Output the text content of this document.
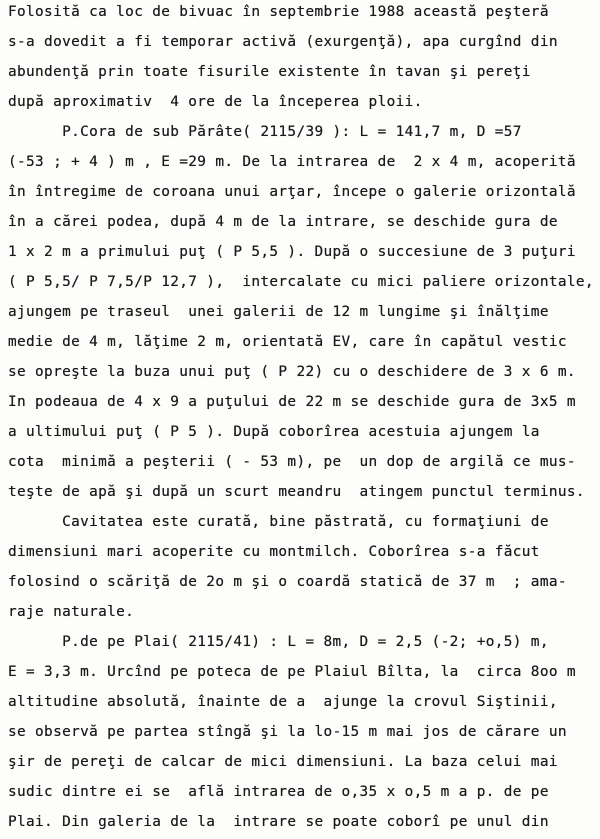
Folosită ca loc de bivuac în septembrie 1988 această peşteră
s-a dovedit a fi temporar activă (exurgenţă), apa curgînd din
abundenţă prin toate fisurile existente în tavan şi pereţi
după aproximativ  4 ore de la începerea ploii.
P.Cora de sub Părâte( 2115/39 ): L = 141,7 m, D =57
(-53 ; + 4 ) m , E =29 m. De la intrarea de  2 x 4 m, acoperită
în întregime de coroana unui arţar, începe o galerie orizontală
în a cărei podea, după 4 m de la intrare, se deschide gura de
1 x 2 m a primului puţ ( P 5,5 ). După o succesiune de 3 puţuri
( P 5,5/ P 7,5/P 12,7 ),  intercalate cu mici paliere orizontale,
ajungem pe traseul  unei galerii de 12 m lungime şi înălţime
medie de 4 m, lăţime 2 m, orientată EV, care în capătul vestic
se opreşte la buza unui puţ ( P 22) cu o deschidere de 3 x 6 m.
In podeaua de 4 x 9 a puţului de 22 m se deschide gura de 3x5 m
a ultimului puţ ( P 5 ). După coborîrea acestuia ajungem la
cota  minimă a peşterii ( - 53 m), pe  un dop de argilă ce mus-
teşte de apă şi după un scurt meandru  atingem punctul terminus.
Cavitatea este curată, bine păstrată, cu formaţiuni de
dimensiuni mari acoperite cu montmilch. Coborîrea s-a făcut
folosind o scăriţă de 2o m şi o coardă statică de 37 m  ; ama-
raje naturale.
P.de pe Plai( 2115/41) : L = 8m, D = 2,5 (-2; +o,5) m,
E = 3,3 m. Urcînd pe poteca de pe Plaiul Bîlta, la  circa 8oo m
altitudine absolută, înainte de a  ajunge la crovul Siştinii,
se observă pe partea stîngă şi la lo-15 m mai jos de cărare un
şir de pereţi de calcar de mici dimensiuni. La baza celui mai
sudic dintre ei se  află intrarea de o,35 x o,5 m a p. de pe
Plai. Din galeria de la  intrare se poate coborî pe unul din
